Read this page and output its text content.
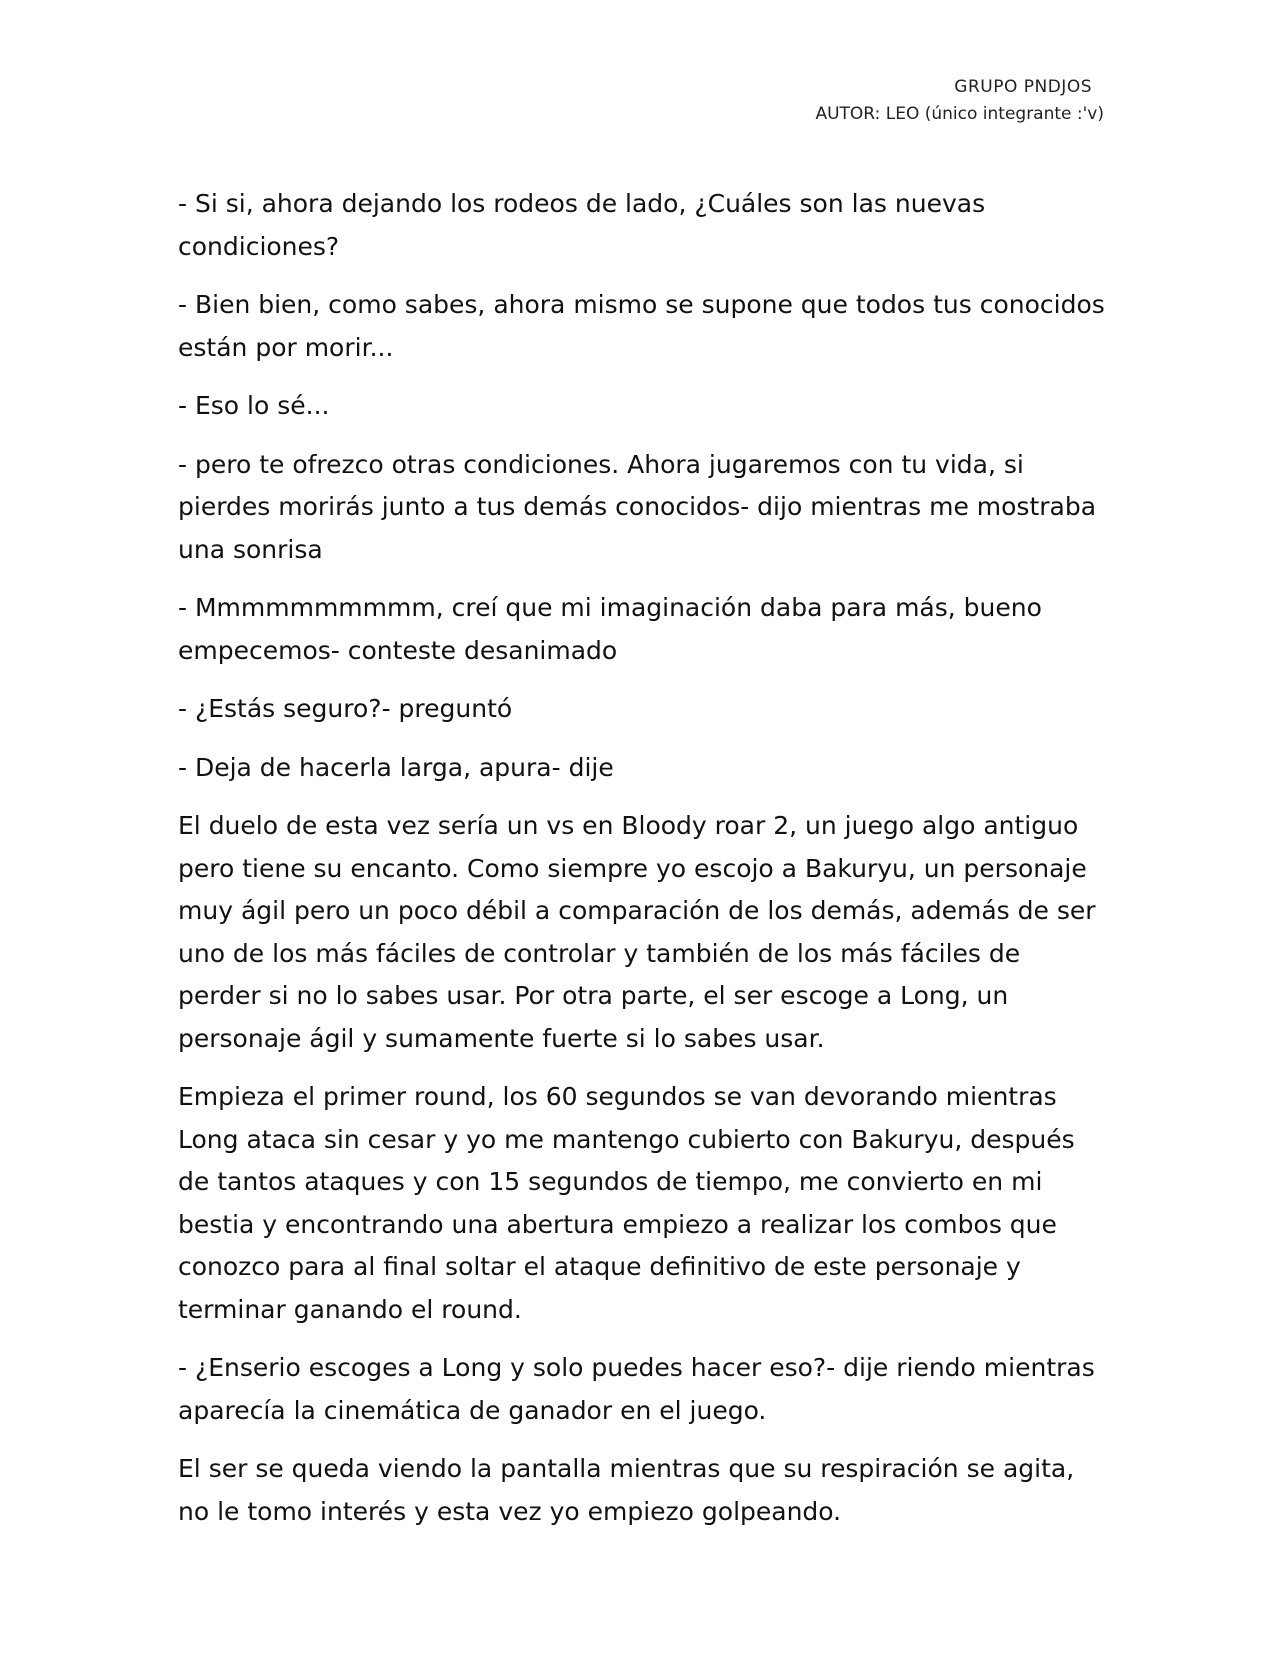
GRUPO PNDJOS
AUTOR: LEO (único integrante :'v)

- Si si, ahora dejando los rodeos de lado, ¿Cuáles son las nuevas condiciones?

- Bien bien, como sabes, ahora mismo se supone que todos tus conocidos están por morir...

- Eso lo sé...

- pero te ofrezco otras condiciones. Ahora jugaremos con tu vida, si pierdes morirás junto a tus demás conocidos- dijo mientras me mostraba una sonrisa

- Mmmmmmmmmm, creí que mi imaginación daba para más, bueno empecemos- conteste desanimado

- ¿Estás seguro?- preguntó

- Deja de hacerla larga, apura- dije

El duelo de esta vez sería un vs en Bloody roar 2, un juego algo antiguo pero tiene su encanto. Como siempre yo escojo a Bakuryu, un personaje muy ágil pero un poco débil a comparación de los demás, además de ser uno de los más fáciles de controlar y también de los más fáciles de perder si no lo sabes usar. Por otra parte, el ser escoge a Long, un personaje ágil y sumamente fuerte si lo sabes usar.

Empieza el primer round, los 60 segundos se van devorando mientras Long ataca sin cesar y yo me mantengo cubierto con Bakuryu, después de tantos ataques y con 15 segundos de tiempo, me convierto en mi bestia y encontrando una abertura empiezo a realizar los combos que conozco para al final soltar el ataque definitivo de este personaje y terminar ganando el round.

- ¿Enserio escoges a Long y solo puedes hacer eso?- dije riendo mientras aparecía la cinemática de ganador en el juego.

El ser se queda viendo la pantalla mientras que su respiración se agita, no le tomo interés y esta vez yo empiezo golpeando.
